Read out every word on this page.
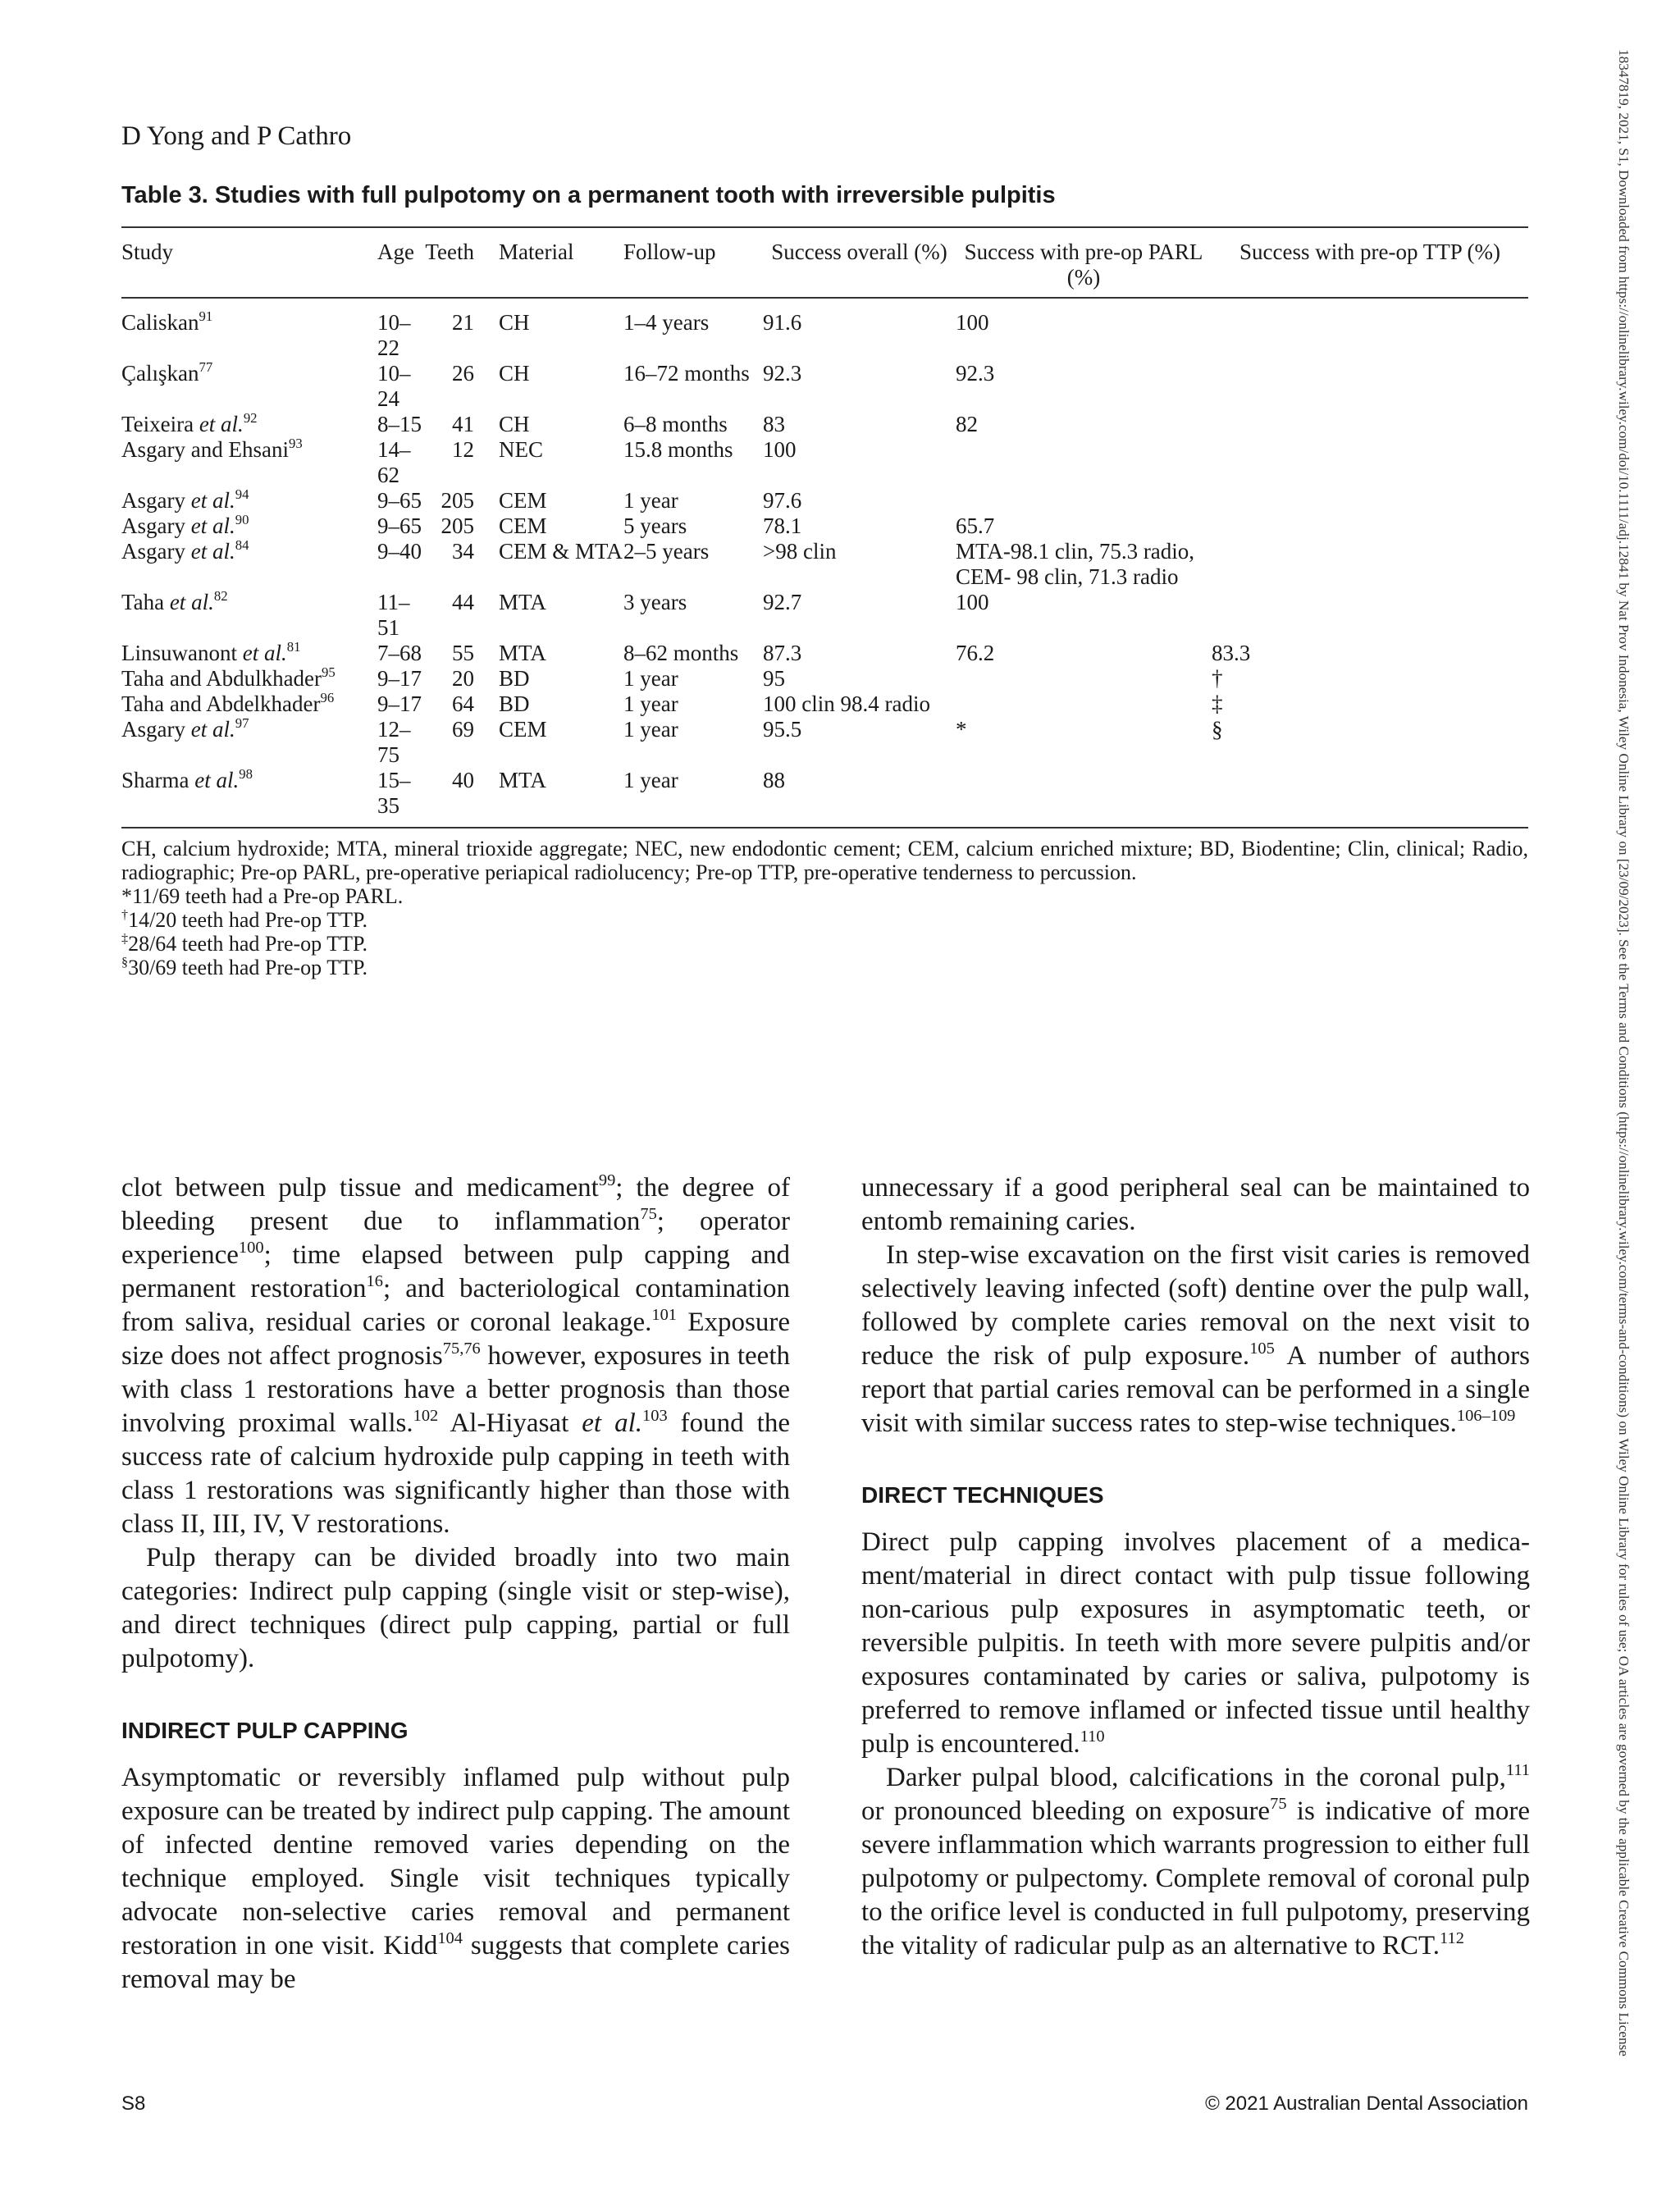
D Yong and P Cathro
Table 3. Studies with full pulpotomy on a permanent tooth with irreversible pulpitis
Study	Age	Teeth	Material	Follow-up	Success overall (%)	Success with pre-op PARL (%)	Success with pre-op TTP (%)
Caliskan$^{91}$	10–22	21	CH	1–4 years	91.6	100	
Çalışkan$^{77}$	10–24	26	CH	16–72 months	92.3	92.3	
Teixeira et al.$^{92}$	8–15	41	CH	6–8 months	83	82	
Asgary and Ehsani$^{93}$	14–62	12	NEC	15.8 months	100		
Asgary et al.$^{94}$	9–65	205	CEM	1 year	97.6		
Asgary et al.$^{90}$	9–65	205	CEM	5 years	78.1	65.7	
Asgary et al.$^{84}$	9–40	34	CEM & MTA	2–5 years	>98 clin	MTA-98.1 clin, 75.3 radio, CEM- 98 clin, 71.3 radio	
Taha et al.$^{82}$	11–51	44	MTA	3 years	92.7	100	
Linsuwanont et al.$^{81}$	7–68	55	MTA	8–62 months	87.3	76.2	83.3
Taha and Abdulkhader$^{95}$	9–17	20	BD	1 year	95		†
Taha and Abdelkhader$^{96}$	9–17	64	BD	1 year	100 clin 98.4 radio		‡
Asgary et al.$^{97}$	12–75	69	CEM	1 year	95.5	*	§
Sharma et al.$^{98}$	15–35	40	MTA	1 year	88		
CH, calcium hydroxide; MTA, mineral trioxide aggregate; NEC, new endodontic cement; CEM, calcium enriched mixture; BD, Biodentine; Clin, clinical; Radio, radiographic; Pre-op PARL, pre-operative periapical radiolucency; Pre-op TTP, pre-operative tenderness to percussion.
*11/69 teeth had a Pre-op PARL.
†14/20 teeth had Pre-op TTP.
‡28/64 teeth had Pre-op TTP.
§30/69 teeth had Pre-op TTP.

clot between pulp tissue and medicament$^{99}$; the degree of bleeding present due to inflammation$^{75}$; operator experience$^{100}$; time elapsed between pulp capping and permanent restoration$^{16}$; and bacteriological contamination from saliva, residual caries or coronal leakage.$^{101}$ Exposure size does not affect prognosis$^{75,76}$ however, exposures in teeth with class 1 restorations have a better prognosis than those involving proximal walls.$^{102}$ Al-Hiyasat et al.$^{103}$ found the success rate of calcium hydroxide pulp capping in teeth with class 1 restorations was significantly higher than those with class II, III, IV, V restorations.

Pulp therapy can be divided broadly into two main categories: Indirect pulp capping (single visit or step-wise), and direct techniques (direct pulp capping, partial or full pulpotomy).

INDIRECT PULP CAPPING

Asymptomatic or reversibly inflamed pulp without pulp exposure can be treated by indirect pulp capping. The amount of infected dentine removed varies depending on the technique employed. Single visit techniques typically advocate non-selective caries removal and permanent restoration in one visit. Kidd$^{104}$ suggests that complete caries removal may be

unnecessary if a good peripheral seal can be maintained to entomb remaining caries.

In step-wise excavation on the first visit caries is removed selectively leaving infected (soft) dentine over the pulp wall, followed by complete caries removal on the next visit to reduce the risk of pulp exposure.$^{105}$ A number of authors report that partial caries removal can be performed in a single visit with similar success rates to step-wise techniques.$^{106-109}$

DIRECT TECHNIQUES

Direct pulp capping involves placement of a medicament/material in direct contact with pulp tissue following non-carious pulp exposures in asymptomatic teeth, or reversible pulpitis. In teeth with more severe pulpitis and/or exposures contaminated by caries or saliva, pulpotomy is preferred to remove inflamed or infected tissue until healthy pulp is encountered.$^{110}$

Darker pulpal blood, calcifications in the coronal pulp,$^{111}$ or pronounced bleeding on exposure$^{75}$ is indicative of more severe inflammation which warrants progression to either full pulpotomy or pulpectomy. Complete removal of coronal pulp to the orifice level is conducted in full pulpotomy, preserving the vitality of radicular pulp as an alternative to RCT.$^{112}$

S8	© 2021 Australian Dental Association
18347819, 2021, S1, Downloaded from https://onlinelibrary.wiley.com/doi/10.1111/adj.12841 by Nat Prov Indonesia, Wiley Online Library on [23/09/2023]. See the Terms and Conditions (https://onlinelibrary.wiley.com/terms-and-conditions) on Wiley Online Library for rules of use; OA articles are governed by the applicable Creative Commons License
